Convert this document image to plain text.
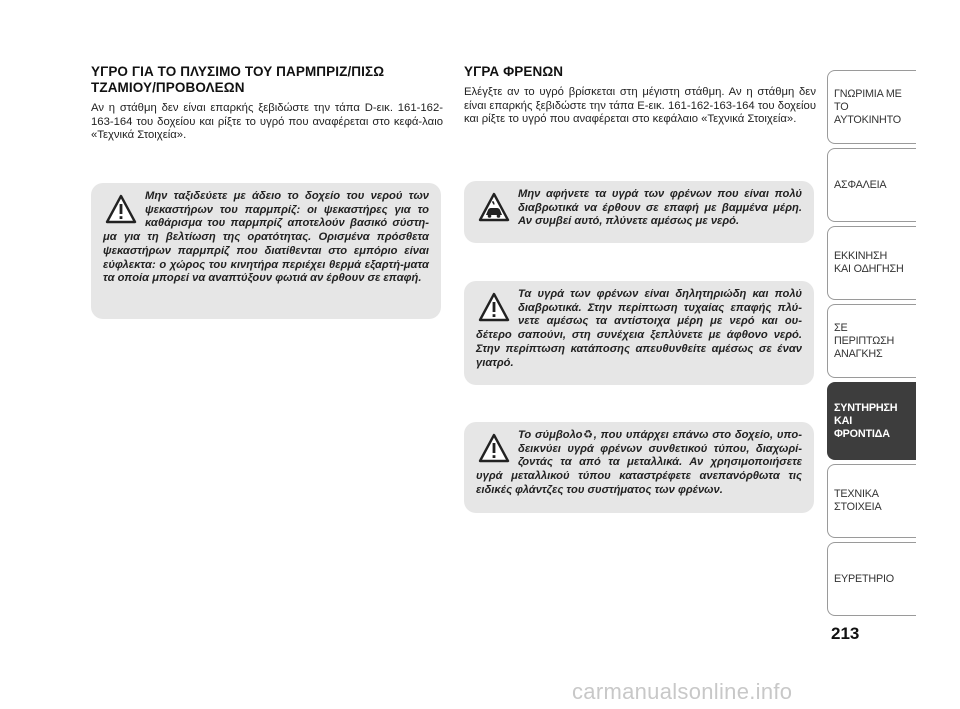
ΥΓΡΟ ΓΙΑ ΤΟ ΠΛΥΣΙΜΟ ΤΟΥ ΠΑΡΜΠΡΙΖ/ΠΙΣΩ ΤΖΑΜΙΟΥ/ΠΡΟΒΟΛΕΩΝ

Αν η στάθμη δεν είναι επαρκής ξεβιδώστε την τάπα D-εικ. 161-162-163-164 του δοχείου και ρίξτε το υγρό που αναφέρεται στο κεφά-λαιο «Τεχνικά Στοιχεία».

Μην ταξιδεύετε με άδειο το δοχείο του νερού των ψεκαστήρων του παρμπρίζ: οι ψεκαστήρες για το καθάρισμα του παρμπρίζ αποτελούν βασικό σύστη-μα για τη βελτίωση της ορατότητας. Ορισμένα πρόσθετα ψεκαστήρων παρμπρίζ που διατίθενται στο εμπόριο είναι εύφλεκτα: ο χώρος του κινητήρα περιέχει θερμά εξαρτή-ματα τα οποία μπορεί να αναπτύξουν φωτιά αν έρθουν σε επαφή.

ΥΓΡΑ ΦΡΕΝΩΝ

Ελέγξτε αν το υγρό βρίσκεται στη μέγιστη στάθμη. Αν η στάθμη δεν είναι επαρκής ξεβιδώστε την τάπα E-εικ. 161-162-163-164 του δοχείου και ρίξτε το υγρό που αναφέρεται στο κεφάλαιο «Τεχνικά Στοιχεία».

Μην αφήνετε τα υγρά των φρένων που είναι πολύ διαβρωτικά να έρθουν σε επαφή με βαμμένα μέρη. Αν συμβεί αυτό, πλύνετε αμέσως με νερό.

Τα υγρά των φρένων είναι δηλητηριώδη και πολύ διαβρωτικά. Στην περίπτωση τυχαίας επαφής πλύ-νετε αμέσως τα αντίστοιχα μέρη με νερό και ου-δέτερο σαπούνι, στη συνέχεια ξεπλύνετε με άφθονο νερό. Στην περίπτωση κατάποσης απευθυνθείτε αμέσως σε έναν γιατρό.

Το σύμβολο♻, που υπάρχει επάνω στο δοχείο, υπο-δεικνύει υγρά φρένων συνθετικού τύπου, διαχωρί-ζοντάς τα από τα μεταλλικά. Αν χρησιμοποιήσετε υγρά μεταλλικού τύπου καταστρέφετε ανεπανόρθωτα τις ειδικές φλάντζες του συστήματος των φρένων.

ΓΝΩΡΙΜΙΑ ΜΕ ΤΟ
ΑΥΤΟΚΙΝΗΤΟ
ΑΣΦΑΛΕΙΑ
ΕΚΚΙΝΗΣΗ
ΚΑΙ ΟΔΗΓΗΣΗ
ΣΕ ΠΕΡΙΠΤΩΣΗ
ΑΝΑΓΚΗΣ
ΣΥΝΤΗΡΗΣΗ
ΚΑΙ ΦΡΟΝΤΙΔΑ
ΤΕΧΝΙΚΑ
ΣΤΟΙΧΕΙΑ
ΕΥΡΕΤΗΡΙΟ
213
carmanualsonline.info
